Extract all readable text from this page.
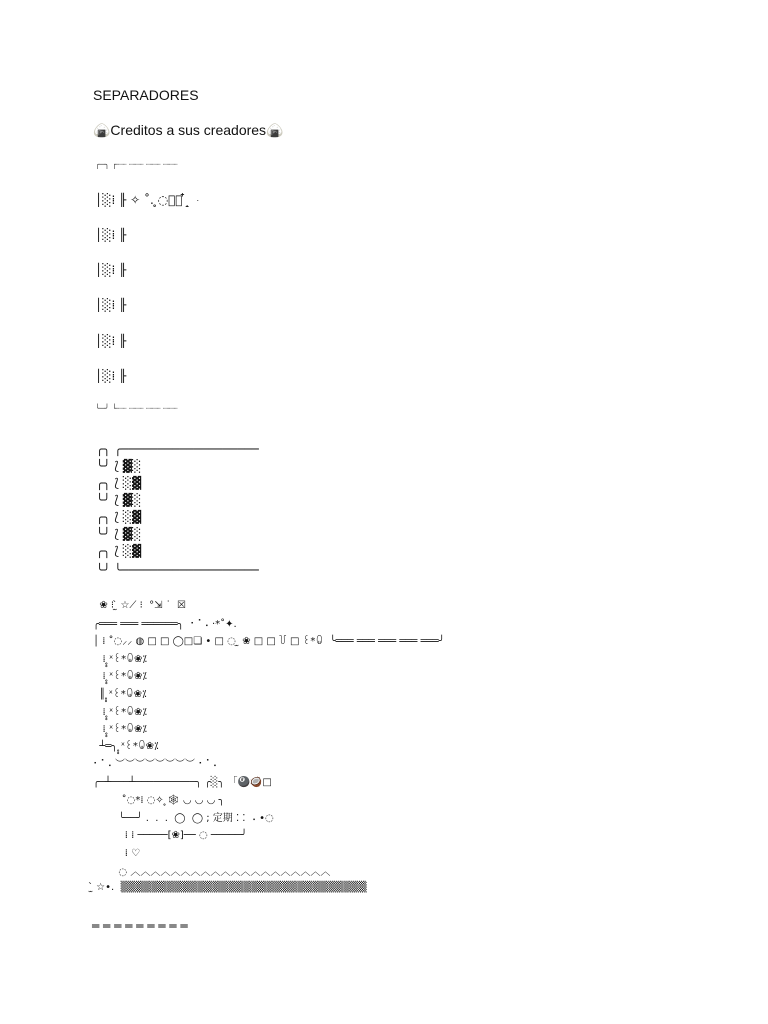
SEPARADORES
🍙Creditos a sus creadores🍙
╭─╮ ┌┈┈ ┈┈┈ ┈┈┈ ┈┈┈
│░⁞ ╟ ✧ ˚. ̥◌᷊ᰰ ໋ ̝ ּ
│░⁞ ╟
│░⁞ ╟
│░⁞ ╟
│░⁞ ╟
│░⁞ ╟
╰─╯ └┈┈ ┈┈┈ ┈┈┈ ┈┈┈
╭╮ ╭───────────────────
╰╯ ⟅ ▓░
╭╮ ⟅ ░▓
╰╯ ⟅ ▓░
╭╮ ⟅ ░▓
╰╯ ⟅ ▓░
╭╮ ⟅ ░▓
╰╯ ╰───────────────────
❀ ⁝ ̫̀ ☆⟋ ⁝  °⇲ ˙  ☒
╭═══ ═══ ══════╮  ⠂⠁⠄·*˚✦.
│ ⁞ ˚◌⸝⸝ ◍ □ □ ◯□❏ • □ ◌ ̫ ❀ □ □ ꒦ □ ꒰*ꐑ  ╰═══ ═══ ═══ ═══ ═══╯
⁞ ̥̥ˣ꒰*ꐑ❀⁒
⁞ ̥̥ˣ꒰*ꐑ❀⁒
║ ̥̥ˣ꒰*ꐑ❀⁒
⁞ ̥̥ˣ꒰*ꐑ❀⁒
⁞ ̥̥ˣ꒰*ꐑ❀⁒
┴═╮ ̥̥ˣ꒰*ꐑ❀⁒
⠂⠁⠄︶︶︶︶︶︶︶︶ ⠂⠁⠄
╭─┴───┴──────────╮ ╭░╮ 「🎱🥥□
˚◌*⁞ ◌✧ ̥🕸 ◡ ◡ ◡ ╮
╰──╯ .  .  .  ◯  ◯ ; 定期 ⁚ ⁚  ⠄•◌
⁞ ⁞ ─────[❀]── ◌ ─────╯
⁞ ♡
◌ ︿︿︿︿︿︿︿︿︿︿︿︿︿︿︿︿︿︿︿︿
̫̀ ☆•.  ▒▒▒▒▒▒▒▒▒▒▒▒▒▒▒▒▒▒▒▒▒▒▒▒▒▒▒▒▒▒▒▒
═ ═ ═ ═ ═ ═ ═ ═ ═
